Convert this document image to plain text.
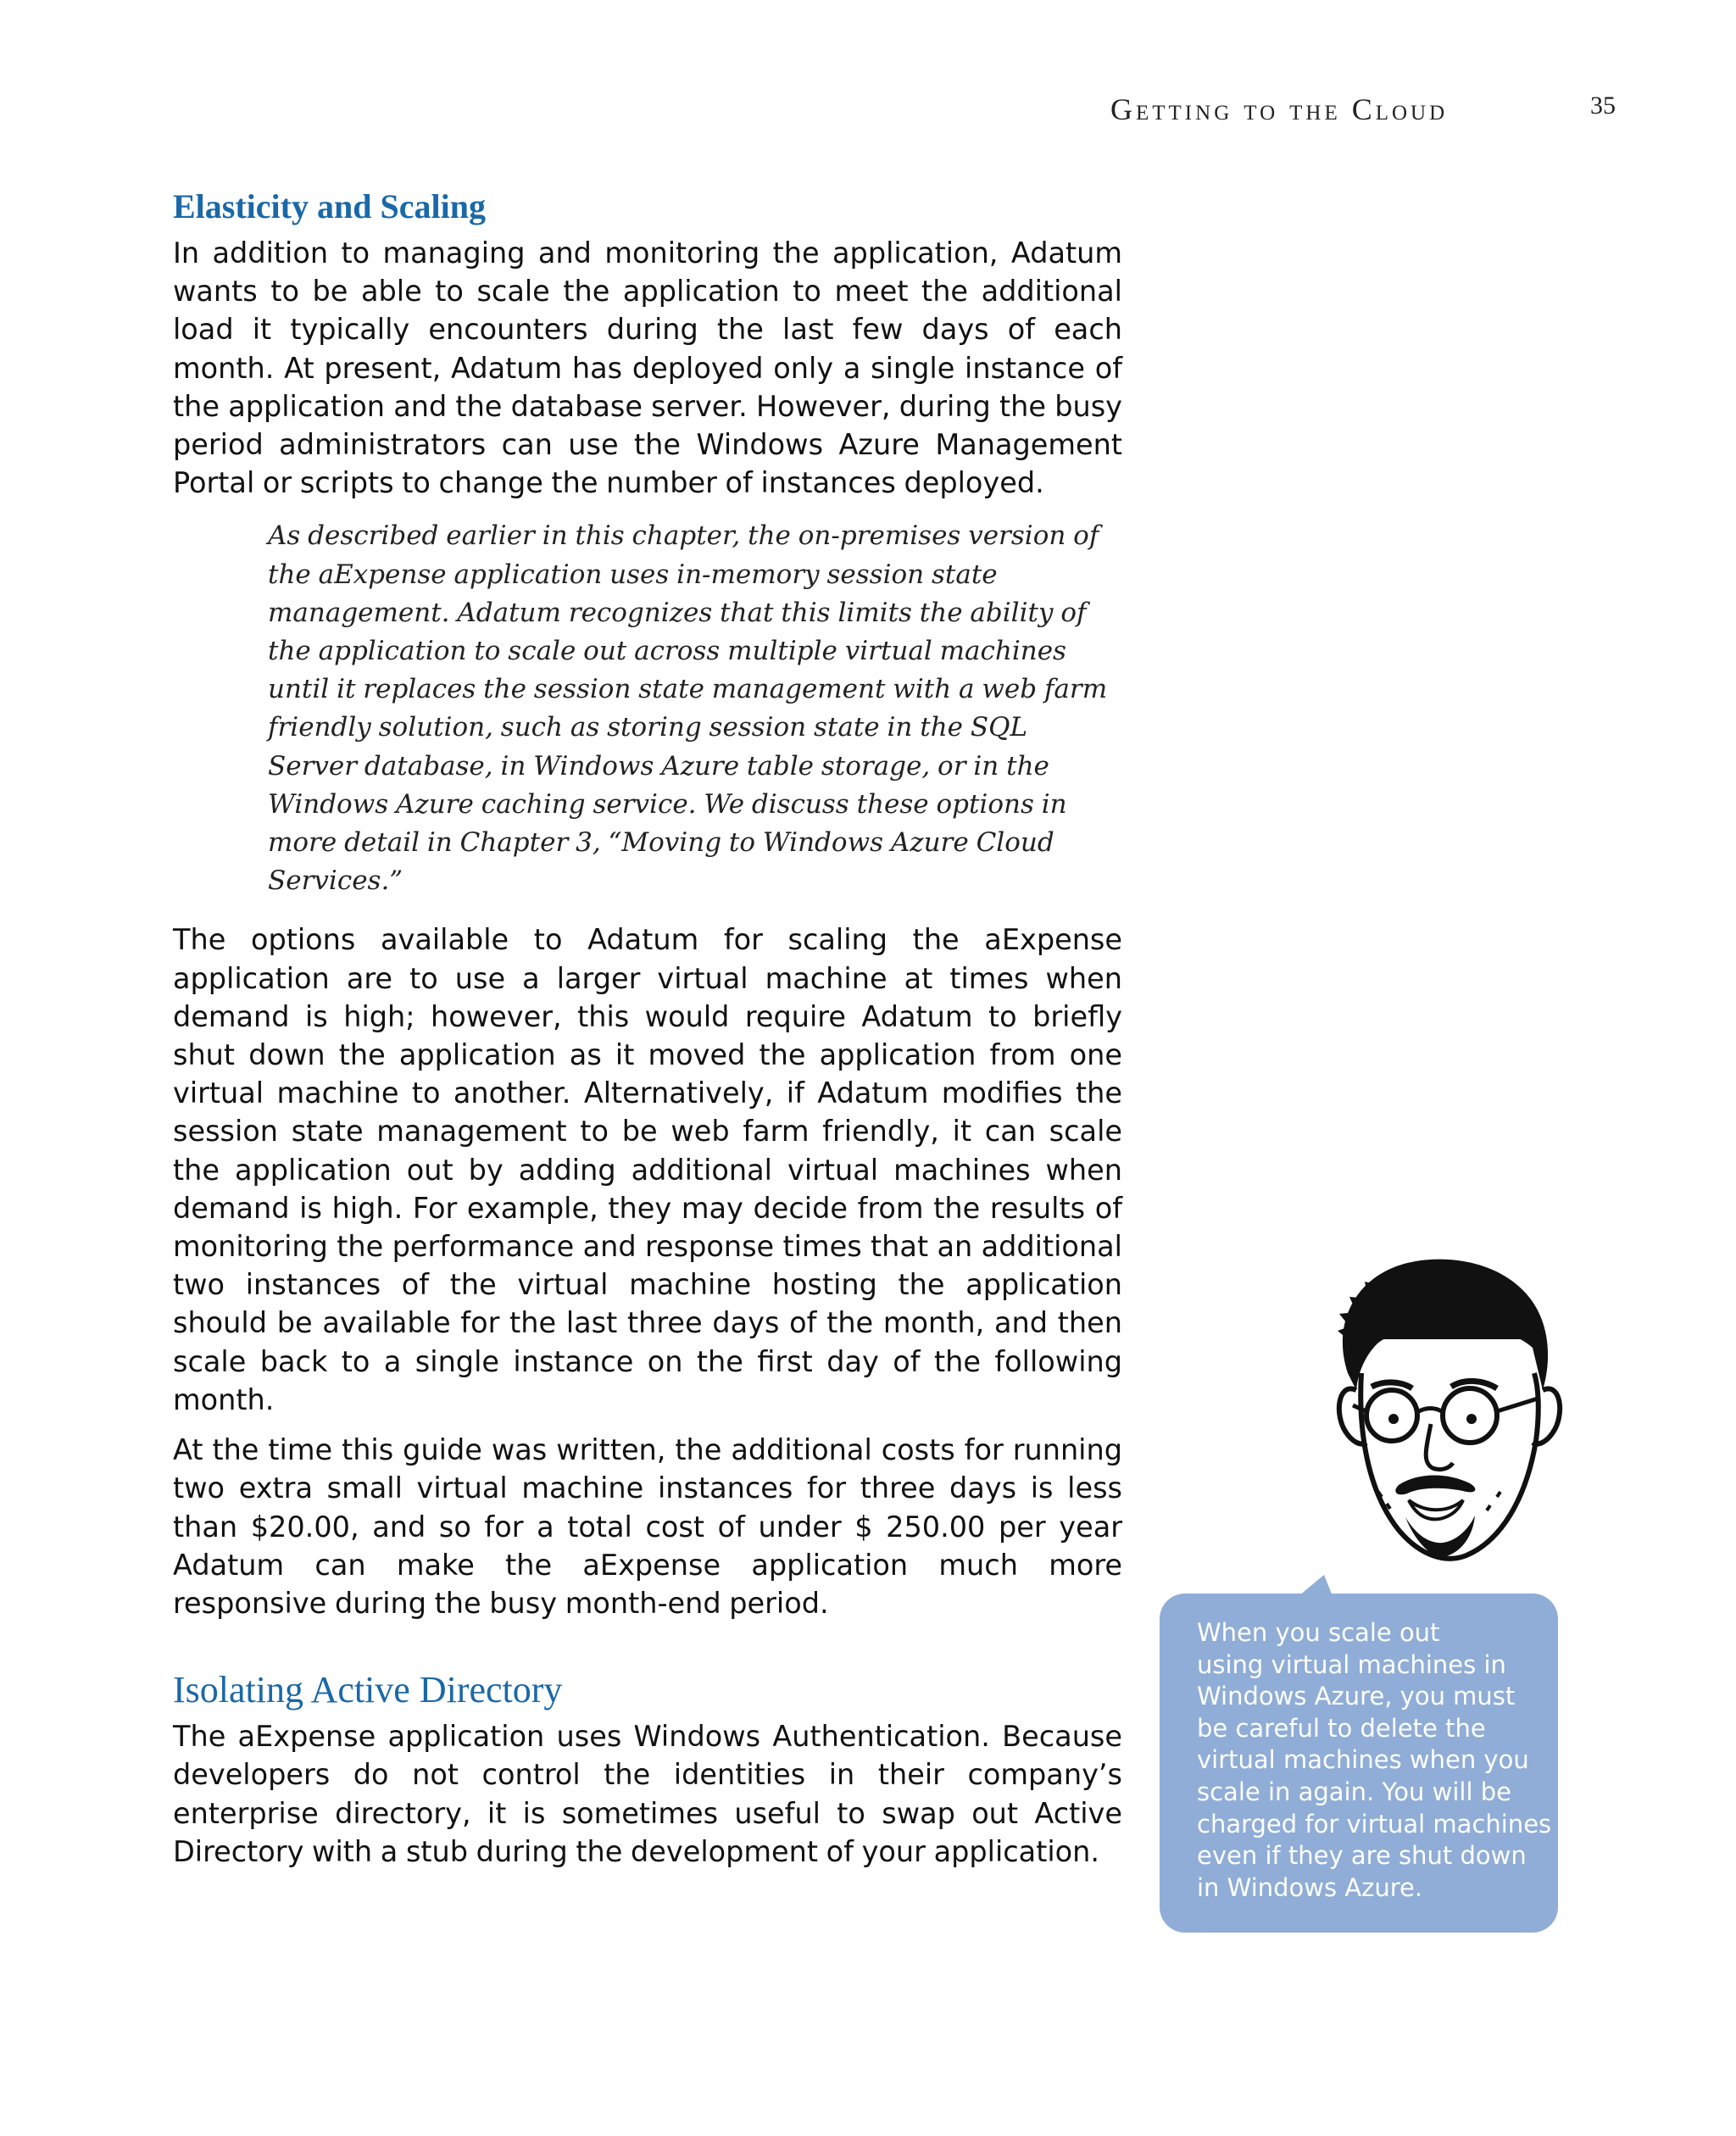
Getting to the Cloud	35
Elasticity and Scaling

In addition to managing and monitoring the application, Adatum wants to be able to scale the application to meet the additional load it typically encounters during the last few days of each month. At present, Adatum has deployed only a single instance of the application and the database server. However, during the busy period administrators can use the Windows Azure Management Portal or scripts to change the number of instances deployed.

As described earlier in this chapter, the on-premises version of the aExpense application uses in-memory session state management. Adatum recognizes that this limits the ability of the application to scale out across multiple virtual machines until it replaces the session state management with a web farm friendly solution, such as storing session state in the SQL Server database, in Windows Azure table storage, or in the Windows Azure caching service. We discuss these options in more detail in Chapter 3, “Moving to Windows Azure Cloud Services.”

The options available to Adatum for scaling the aExpense application are to use a larger virtual machine at times when demand is high; however, this would require Adatum to briefly shut down the application as it moved the application from one virtual machine to another. Alternatively, if Adatum modifies the session state management to be web farm friendly, it can scale the application out by adding additional virtual machines when demand is high. For example, they may decide from the results of monitoring the performance and response times that an additional two instances of the virtual machine hosting the application should be available for the last three days of the month, and then scale back to a single instance on the first day of the following month.

At the time this guide was written, the additional costs for running two extra small virtual machine instances for three days is less than $20.00, and so for a total cost of under $ 250.00 per year Adatum can make the aExpense application much more responsive during the busy month-end period.

Isolating Active Directory

The aExpense application uses Windows Authentication. Because developers do not control the identities in their company’s enterprise directory, it is sometimes useful to swap out Active Directory with a stub during the development of your application.

When you scale out
using virtual machines in
Windows Azure, you must
be careful to delete the
virtual machines when you
scale in again. You will be
charged for virtual machines
even if they are shut down
in Windows Azure.
